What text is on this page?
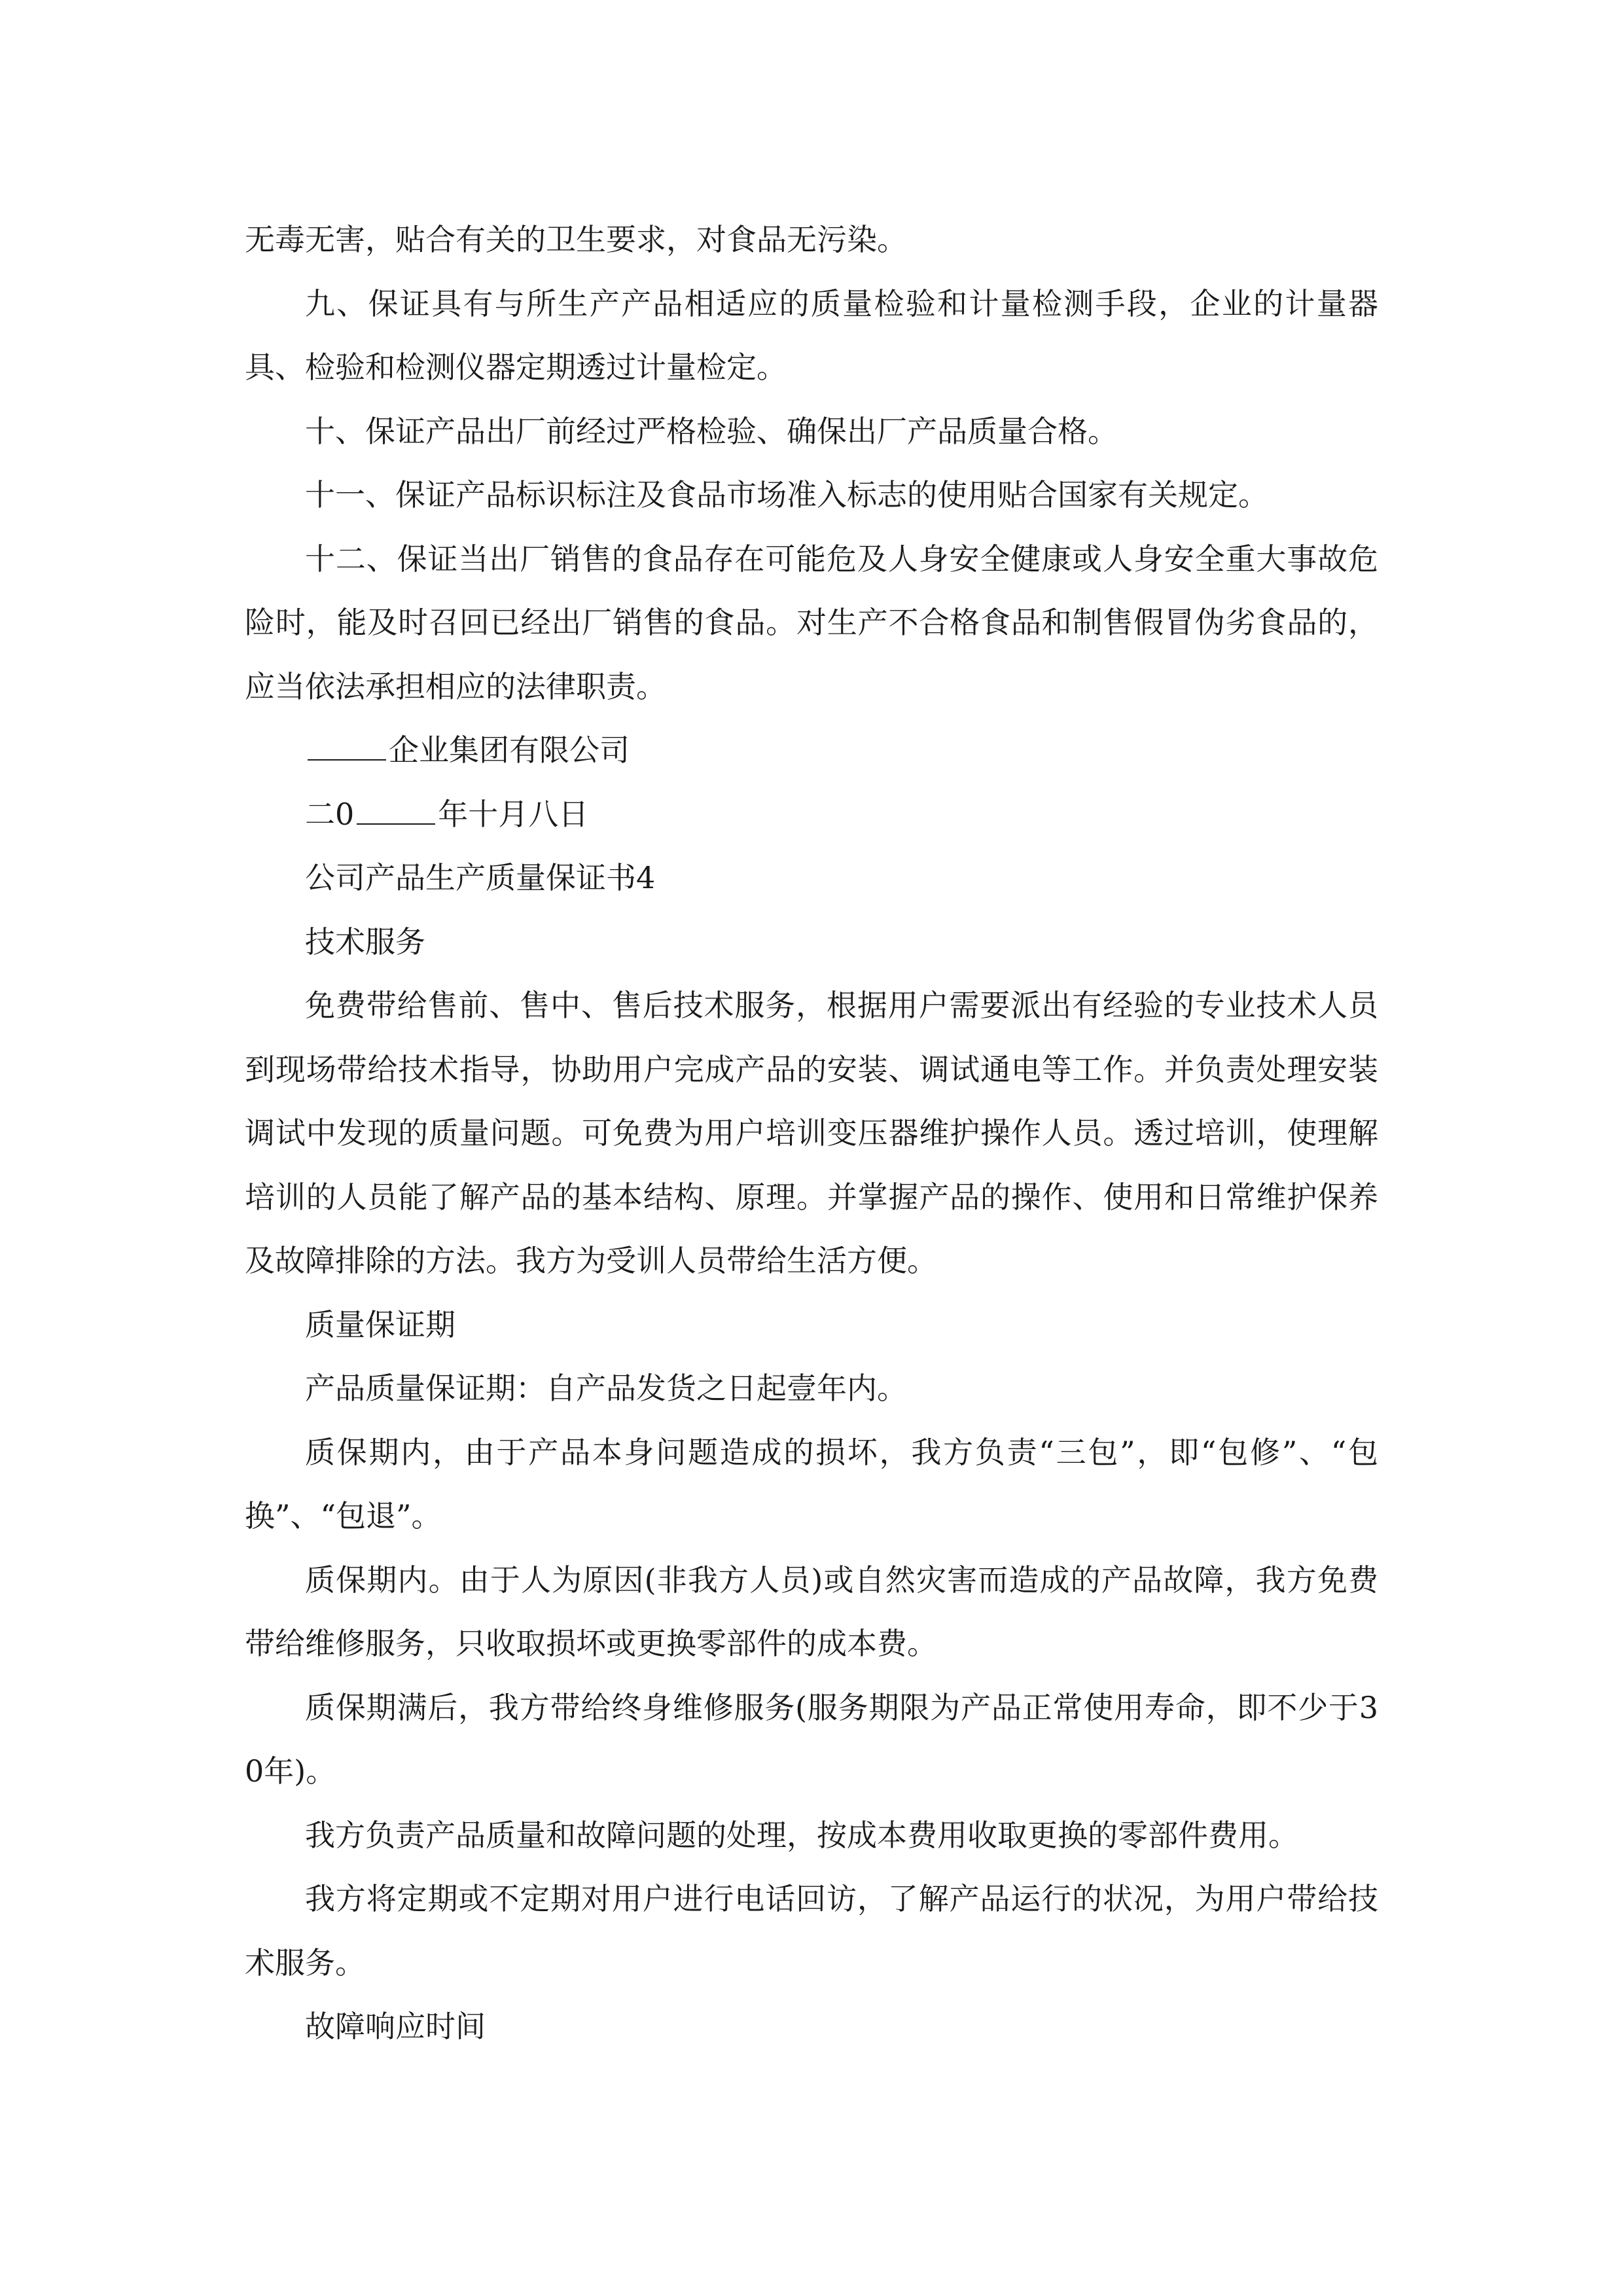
无毒无害，贴合有关的卫生要求，对食品无污染。

九、保证具有与所生产产品相适应的质量检验和计量检测手段，企业的计量器具、检验和检测仪器定期透过计量检定。

十、保证产品出厂前经过严格检验、确保出厂产品质量合格。

十一、保证产品标识标注及食品市场准入标志的使用贴合国家有关规定。

十二、保证当出厂销售的食品存在可能危及人身安全健康或人身安全重大事故危险时，能及时召回已经出厂销售的食品。对生产不合格食品和制售假冒伪劣食品的，应当依法承担相应的法律职责。

企业集团有限公司

二0	年十月八日

公司产品生产质量保证书4

技术服务

免费带给售前、售中、售后技术服务，根据用户需要派出有经验的专业技术人员到现场带给技术指导，协助用户完成产品的安装、调试通电等工作。并负责处理安装调试中发现的质量问题。可免费为用户培训变压器维护操作人员。透过培训，使理解培训的人员能了解产品的基本结构、原理。并掌握产品的操作、使用和日常维护保养及故障排除的方法。我方为受训人员带给生活方便。

质量保证期

产品质量保证期：自产品发货之日起壹年内。

质保期内，由于产品本身问题造成的损坏，我方负责“三包”，即“包修”、“包换”、“包退”。

质保期内。由于人为原因(非我方人员)或自然灾害而造成的产品故障，我方免费带给维修服务，只收取损坏或更换零部件的成本费。

质保期满后，我方带给终身维修服务(服务期限为产品正常使用寿命，即不少于30年)。

我方负责产品质量和故障问题的处理，按成本费用收取更换的零部件费用。

我方将定期或不定期对用户进行电话回访，了解产品运行的状况，为用户带给技术服务。

故障响应时间
